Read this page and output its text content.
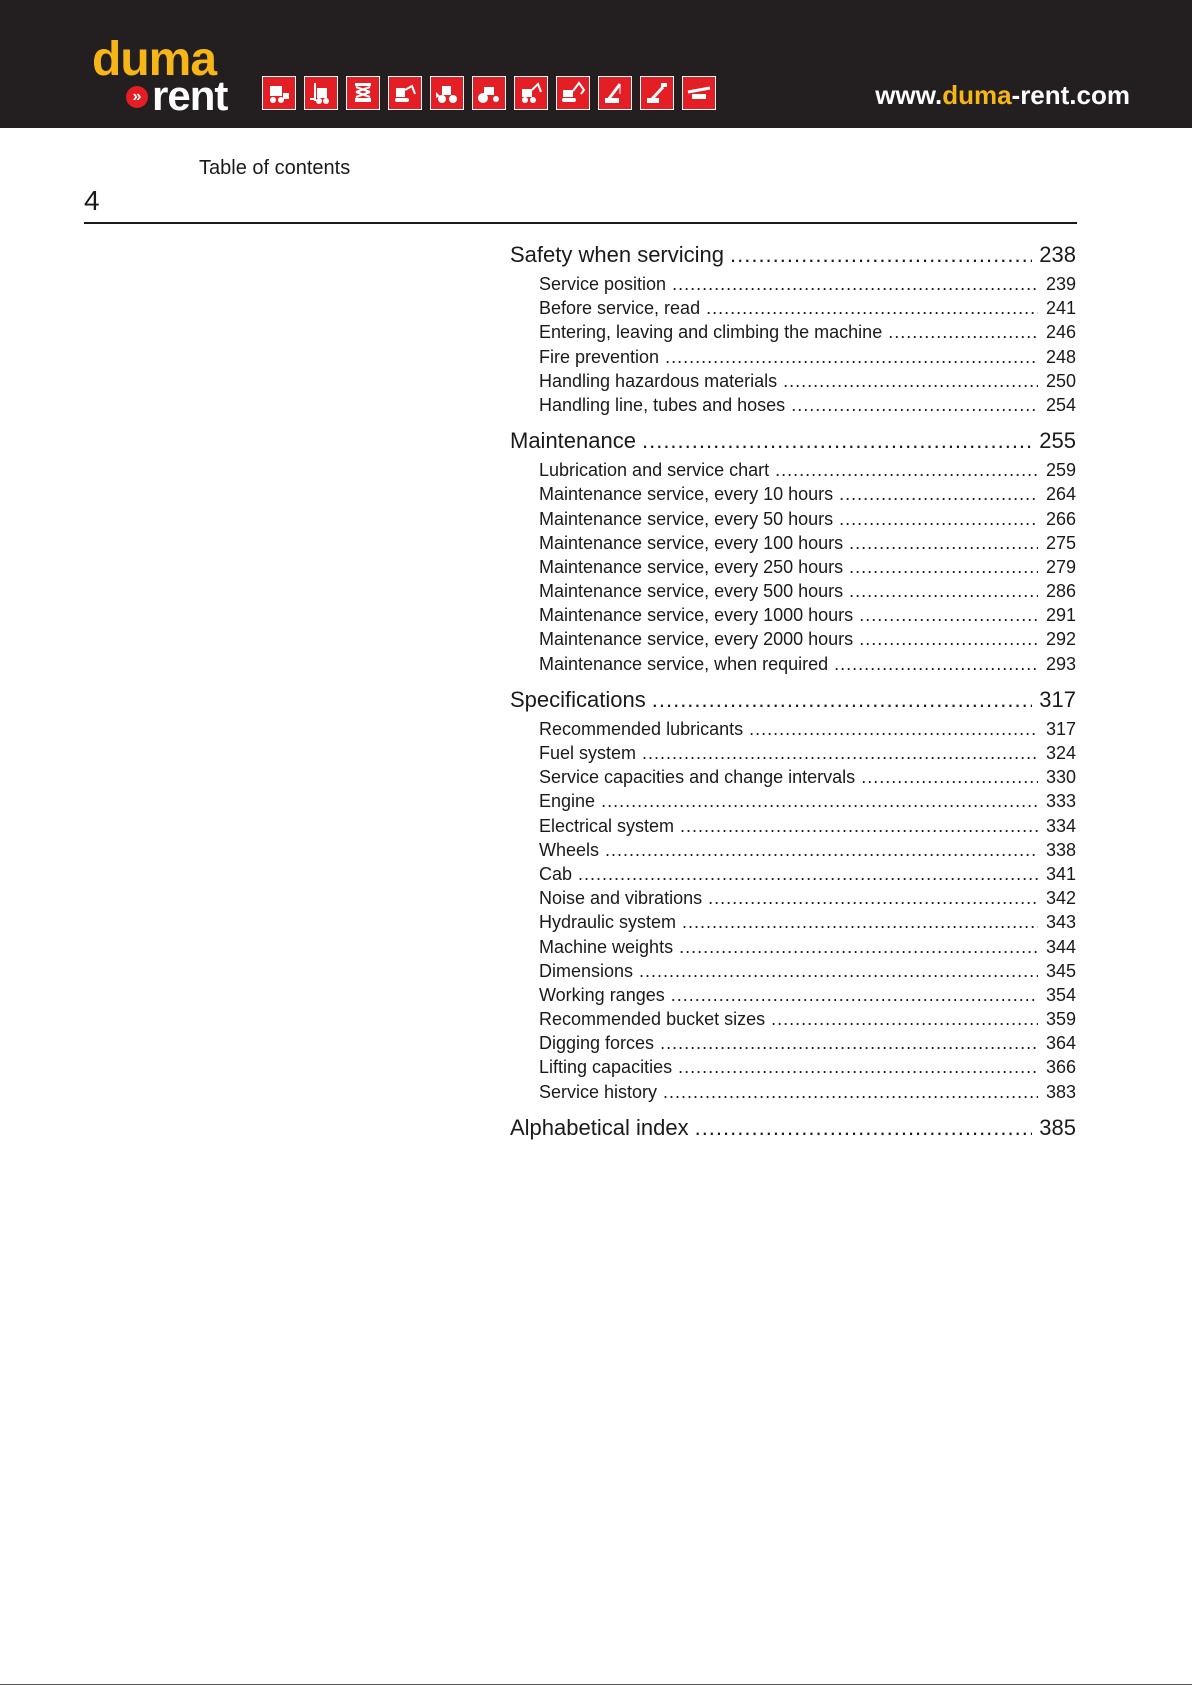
duma
» rent	www.duma-rent.com
Table of contents
4
Safety when servicing .....	238
Service position .....	239
Before service, read .....	241
Entering, leaving and climbing the machine .....	246
Fire prevention .....	248
Handling hazardous materials .....	250
Handling line, tubes and hoses .....	254
Maintenance .....	255
Lubrication and service chart .....	259
Maintenance service, every 10 hours .....	264
Maintenance service, every 50 hours .....	266
Maintenance service, every 100 hours .....	275
Maintenance service, every 250 hours .....	279
Maintenance service, every 500 hours .....	286
Maintenance service, every 1000 hours .....	291
Maintenance service, every 2000 hours .....	292
Maintenance service, when required .....	293
Specifications .....	317
Recommended lubricants .....	317
Fuel system .....	324
Service capacities and change intervals .....	330
Engine .....	333
Electrical system .....	334
Wheels .....	338
Cab .....	341
Noise and vibrations .....	342
Hydraulic system .....	343
Machine weights .....	344
Dimensions .....	345
Working ranges .....	354
Recommended bucket sizes .....	359
Digging forces .....	364
Lifting capacities .....	366
Service history .....	383
Alphabetical index .....	385
